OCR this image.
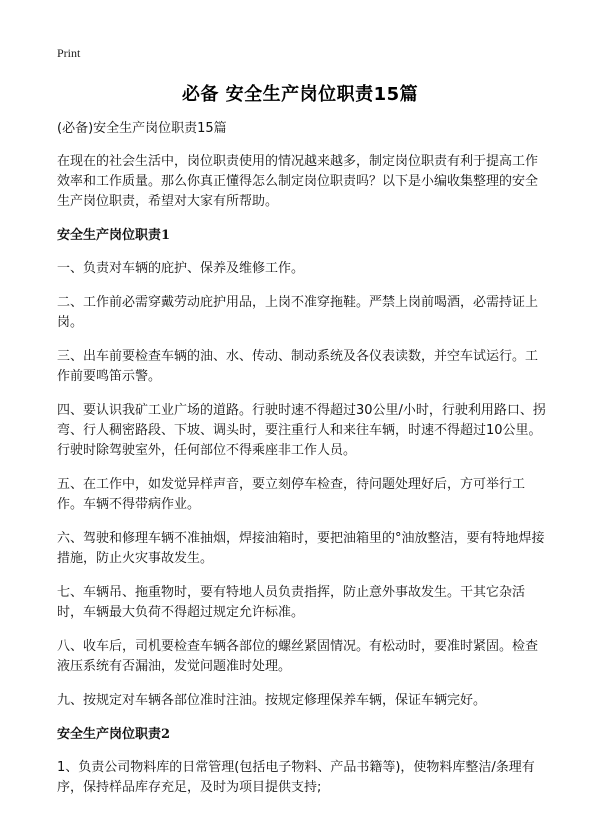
Print
必备 安全生产岗位职责15篇

(必备)安全生产岗位职责15篇

在现在的社会生活中，岗位职责使用的情况越来越多，制定岗位职责有利于提高工作效率和工作质量。那么你真正懂得怎么制定岗位职责吗？以下是小编收集整理的安全生产岗位职责，希望对大家有所帮助。

安全生产岗位职责1

一、负责对车辆的庇护、保养及维修工作。

二、工作前必需穿戴劳动庇护用品，上岗不准穿拖鞋。严禁上岗前喝酒，必需持证上岗。

三、出车前要检查车辆的油、水、传动、制动系统及各仪表读数，并空车试运行。工作前要鸣笛示警。

四、要认识我矿工业广场的道路。行驶时速不得超过30公里/小时，行驶利用路口、拐弯、行人稠密路段、下坡、调头时，要注重行人和来往车辆，时速不得超过10公里。行驶时除驾驶室外，任何部位不得乘座非工作人员。

五、在工作中，如发觉异样声音，要立刻停车检查，待问题处理好后，方可举行工作。车辆不得带病作业。

六、驾驶和修理车辆不准抽烟，焊接油箱时，要把油箱里的°油放整洁，要有特地焊接措施，防止火灾事故发生。

七、车辆吊、拖重物时，要有特地人员负责指挥，防止意外事故发生。干其它杂活时，车辆最大负荷不得超过规定允许标准。

八、收车后，司机要检查车辆各部位的螺丝紧固情况。有松动时，要准时紧固。检查液压系统有否漏油，发觉问题准时处理。

九、按规定对车辆各部位准时注油。按规定修理保养车辆，保证车辆完好。

安全生产岗位职责2

1、负责公司物料库的日常管理(包括电子物料、产品书籍等)，使物料库整洁/条理有序，保持样品库存充足，及时为项目提供支持;
